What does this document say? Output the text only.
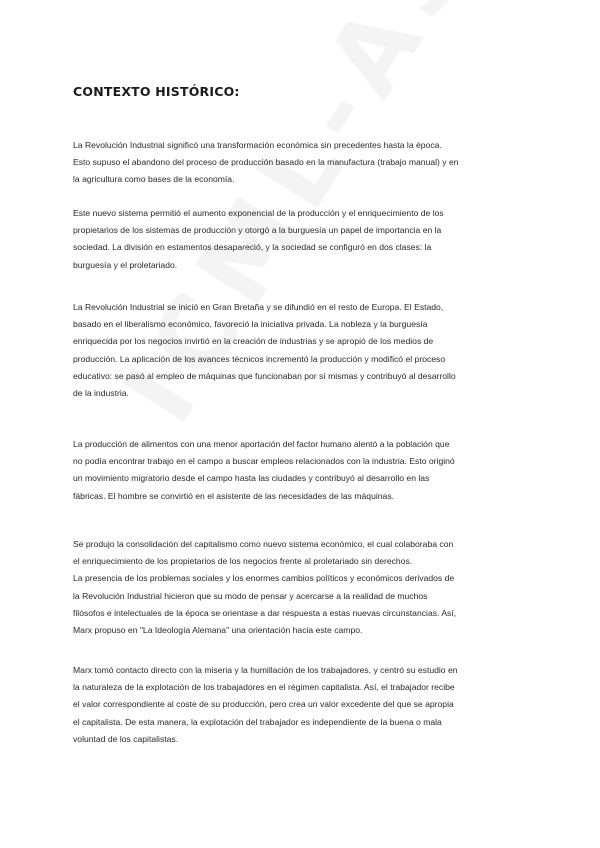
CONTEXTO HISTÓRICO:
La Revolución Industrial significó una transformación económica sin precedentes hasta la época.
Esto supuso el abandono del proceso de producción basado en la manufactura (trabajo manual) y en
la agricultura como bases de la economía.
Este nuevo sistema permitió el aumento exponencial de la producción y el enriquecimiento de los
propietarios de los sistemas de producción y otorgó a la burguesía un papel de importancia en la
sociedad. La división en estamentos desapareció, y la sociedad se configuró en dos clases: la
burguesía y el proletariado.
La Revolución Industrial se inició en Gran Bretaña y se difundió en el resto de Europa. El Estado,
basado en el liberalismo económico, favoreció la iniciativa privada. La nobleza y la burguesía
enriquecida por los negocios invirtió en la creación de industrias y se apropió de los medios de
producción. La aplicación de los avances técnicos incrementó la producción y modificó el proceso
educativo: se pasó al empleo de máquinas que funcionaban por sí mismas y contribuyó al desarrollo
de la industria.
La producción de alimentos con una menor aportación del factor humano alentó a la población que
no podía encontrar trabajo en el campo a buscar empleos relacionados con la industria. Esto originó
un movimiento migratorio desde el campo hasta las ciudades y contribuyó al desarrollo en las
fábricas. El hombre se convirtió en el asistente de las necesidades de las máquinas.
Se produjo la consolidación del capitalismo como nuevo sistema económico, el cual colaboraba con
el enriquecimiento de los propietarios de los negocios frente al proletariado sin derechos.
La presencia de los problemas sociales y los enormes cambios políticos y económicos derivados de
la Revolución Industrial hicieron que su modo de pensar y acercarse a la realidad de muchos
filósofos e intelectuales de la época se orientase a dar respuesta a estas nuevas circunstancias. Así,
Marx propuso en "La Ideología Alemana" una orientación hacia este campo.
Marx tomó contacto directo con la miseria y la humillación de los trabajadores, y centró su estudio en
la naturaleza de la explotación de los trabajadores en el régimen capitalista. Así, el trabajador recibe
el valor correspondiente al coste de su producción, pero crea un valor excedente del que se apropia
el capitalista. De esta manera, la explotación del trabajador es independiente de la buena o mala
voluntad de los capitalistas.
